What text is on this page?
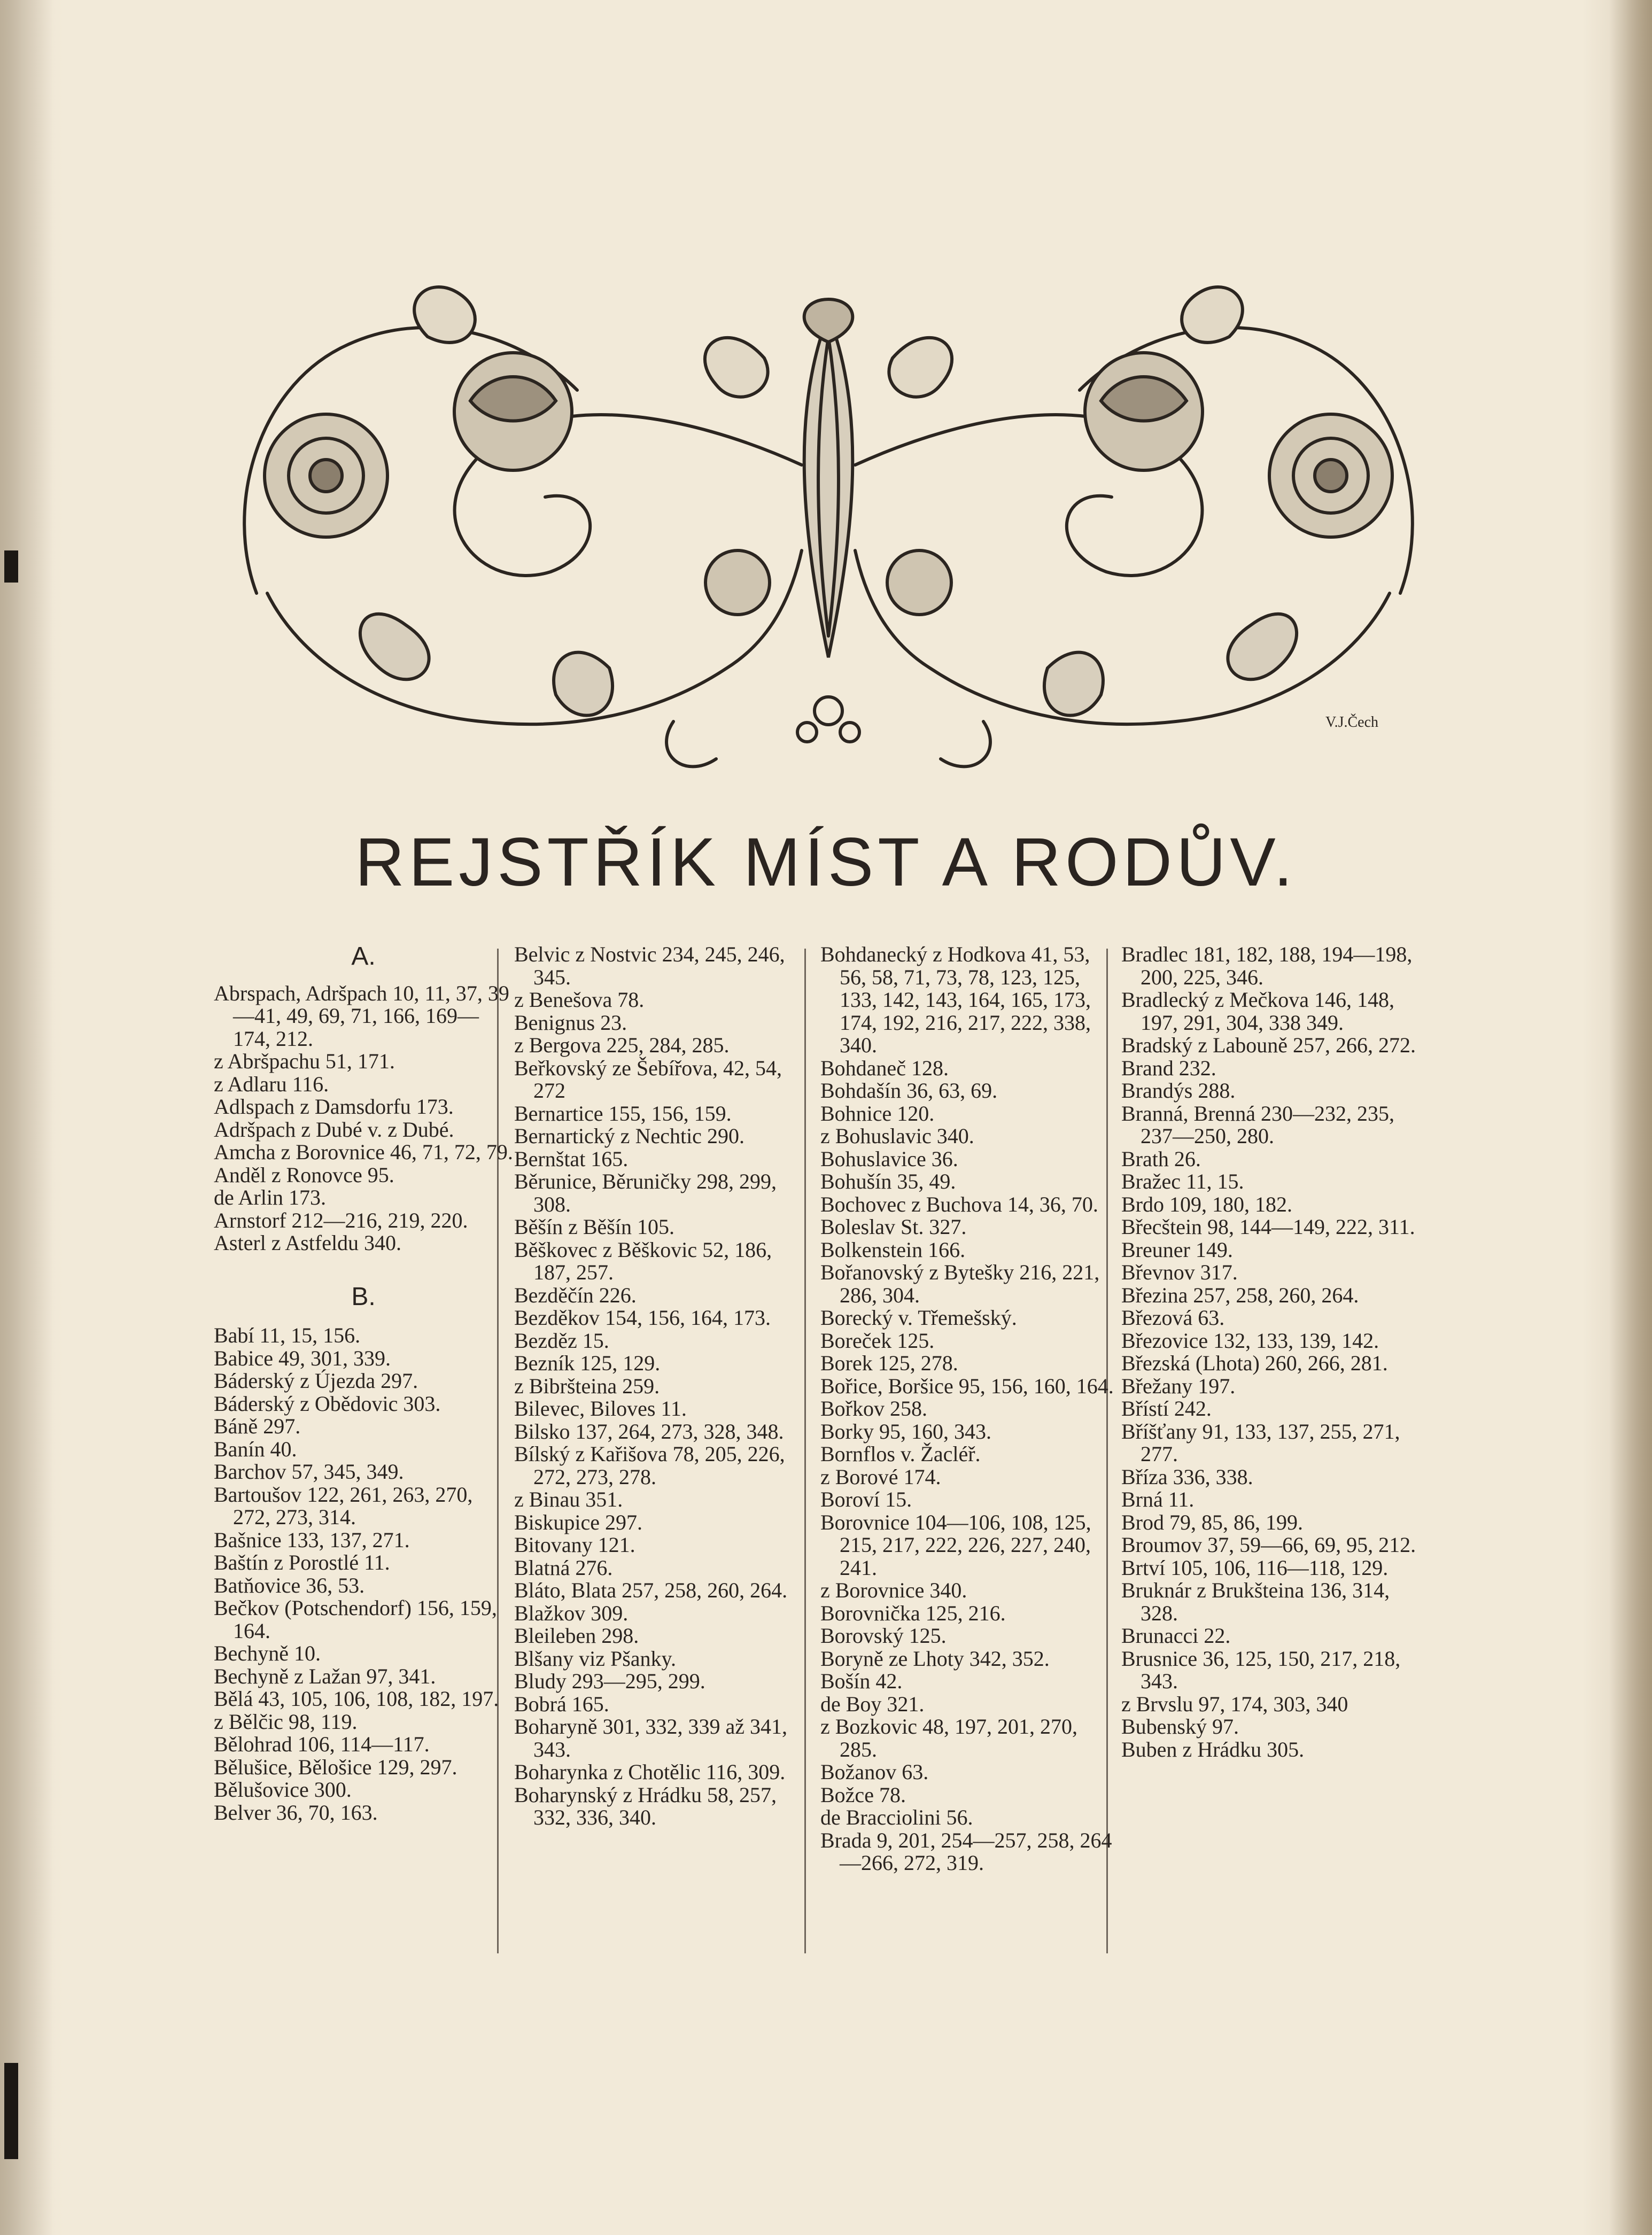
V.J.Čech
REJSTŘÍK MÍST A RODŮV.
A.

Abrspach, Adršpach 10, 11, 37, 39—41, 49, 69, 71, 166, 169—174, 212.

z Abršpachu 51, 171.

z Adlaru 116.

Adlspach z Damsdorfu 173.

Adršpach z Dubé v. z Dubé.

Amcha z Borovnice 46, 71, 72, 79.

Anděl z Ronovce 95.

de Arlin 173.

Arnstorf 212—216, 219, 220.

Asterl z Astfeldu 340.

B.

Babí 11, 15, 156.

Babice 49, 301, 339.

Báderský z Újezda 297.

Báderský z Obědovic 303.

Báně 297.

Banín 40.

Barchov 57, 345, 349.

Bartoušov 122, 261, 263, 270, 272, 273, 314.

Bašnice 133, 137, 271.

Baštín z Porostlé 11.

Batňovice 36, 53.

Bečkov (Potschendorf) 156, 159, 164.

Bechyně 10.

Bechyně z Lažan 97, 341.

Bělá 43, 105, 106, 108, 182, 197.

z Bělčic 98, 119.

Bělohrad 106, 114—117.

Bělušice, Bělošice 129, 297.

Bělušovice 300.

Belver 36, 70, 163.

Belvic z Nostvic 234, 245, 246, 345.

z Benešova 78.

Benignus 23.

z Bergova 225, 284, 285.

Beřkovský ze Šebířova, 42, 54, 272

Bernartice 155, 156, 159.

Bernartický z Nechtic 290.

Bernštat 165.

Běrunice, Běruničky 298, 299, 308.

Běšín z Běšín 105.

Běškovec z Běškovic 52, 186, 187, 257.

Bezděčín 226.

Bezděkov 154, 156, 164, 173.

Bezděz 15.

Bezník 125, 129.

z Bibršteina 259.

Bilevec, Biloves 11.

Bilsko 137, 264, 273, 328, 348.

Bílský z Kařišova 78, 205, 226, 272, 273, 278.

z Binau 351.

Biskupice 297.

Bitovany 121.

Blatná 276.

Bláto, Blata 257, 258, 260, 264.

Blažkov 309.

Bleileben 298.

Blšany viz Pšanky.

Bludy 293—295, 299.

Bobrá 165.

Boharyně 301, 332, 339 až 341, 343.

Boharynka z Chotělic 116, 309.

Boharynský z Hrádku 58, 257, 332, 336, 340.

Bohdanecký z Hodkova 41, 53, 56, 58, 71, 73, 78, 123, 125, 133, 142, 143, 164, 165, 173, 174, 192, 216, 217, 222, 338, 340.

Bohdaneč 128.

Bohdašín 36, 63, 69.

Bohnice 120.

z Bohuslavic 340.

Bohuslavice 36.

Bohušín 35, 49.

Bochovec z Buchova 14, 36, 70.

Boleslav St. 327.

Bolkenstein 166.

Bořanovský z Bytešky 216, 221, 286, 304.

Borecký v. Třemešský.

Boreček 125.

Borek 125, 278.

Bořice, Boršice 95, 156, 160, 164.

Bořkov 258.

Borky 95, 160, 343.

Bornflos v. Žacléř.

z Borové 174.

Boroví 15.

Borovnice 104—106, 108, 125, 215, 217, 222, 226, 227, 240, 241.

z Borovnice 340.

Borovnička 125, 216.

Borovský 125.

Boryně ze Lhoty 342, 352.

Bošín 42.

de Boy 321.

z Bozkovic 48, 197, 201, 270, 285.

Božanov 63.

Božce 78.

de Bracciolini 56.

Brada 9, 201, 254—257, 258, 264—266, 272, 319.

Bradlec 181, 182, 188, 194—198, 200, 225, 346.

Bradlecký z Mečkova 146, 148, 197, 291, 304, 338 349.

Bradský z Labouně 257, 266, 272.

Brand 232.

Brandýs 288.

Branná, Brenná 230—232, 235, 237—250, 280.

Brath 26.

Bražec 11, 15.

Brdo 109, 180, 182.

Břecštein 98, 144—149, 222, 311.

Breuner 149.

Břevnov 317.

Březina 257, 258, 260, 264.

Březová 63.

Březovice 132, 133, 139, 142.

Březská (Lhota) 260, 266, 281.

Břežany 197.

Břístí 242.

Bříšťany 91, 133, 137, 255, 271, 277.

Bříza 336, 338.

Brná 11.

Brod 79, 85, 86, 199.

Broumov 37, 59—66, 69, 95, 212.

Brtví 105, 106, 116—118, 129.

Bruknár z Brukšteina 136, 314, 328.

Brunacci 22.

Brusnice 36, 125, 150, 217, 218, 343.

z Brvslu 97, 174, 303, 340

Bubenský 97.

Buben z Hrádku 305.
